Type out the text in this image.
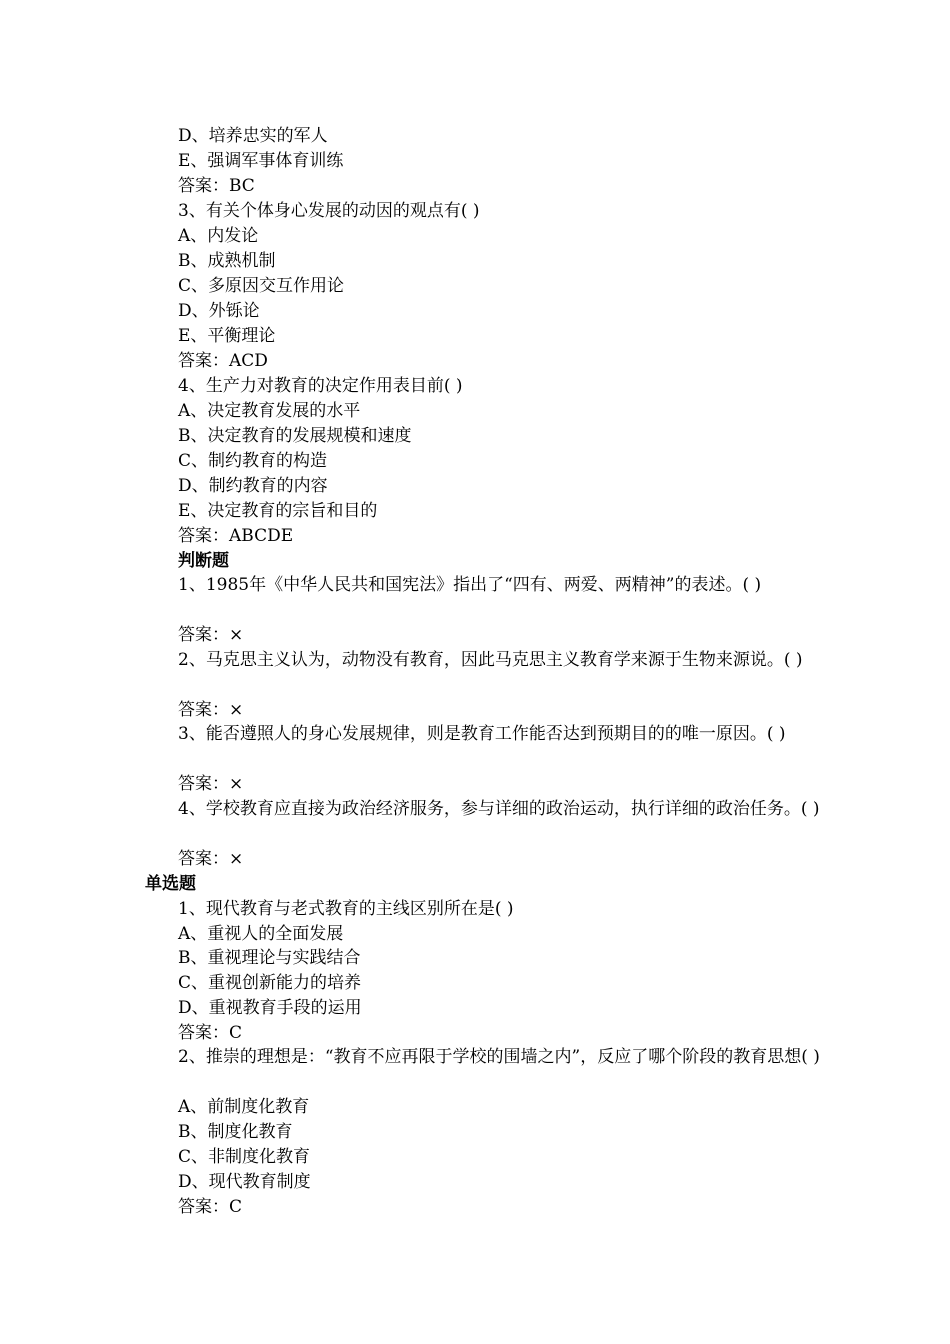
D、培养忠实的军人
E、强调军事体育训练
答案：BC
3、有关个体身心发展的动因的观点有( )
A、内发论
B、成熟机制
C、多原因交互作用论
D、外铄论
E、平衡理论
答案：ACD
4、生产力对教育的决定作用表目前( )
A、决定教育发展的水平
B、决定教育的发展规模和速度
C、制约教育的构造
D、制约教育的内容
E、决定教育的宗旨和目的
答案：ABCDE
判断题
1、1985年《中华人民共和国宪法》指出了“四有、两爱、两精神”的表述。( )
答案：×
2、马克思主义认为，动物没有教育，因此马克思主义教育学来源于生物来源说。( )
答案：×
3、能否遵照人的身心发展规律，则是教育工作能否达到预期目的的唯一原因。( )
答案：×
4、学校教育应直接为政治经济服务，参与详细的政治运动，执行详细的政治任务。( )
答案：×
单选题
1、现代教育与老式教育的主线区别所在是( )
A、重视人的全面发展
B、重视理论与实践结合
C、重视创新能力的培养
D、重视教育手段的运用
答案：C
2、推崇的理想是：“教育不应再限于学校的围墙之内”，反应了哪个阶段的教育思想( )
A、前制度化教育
B、制度化教育
C、非制度化教育
D、现代教育制度
答案：C
